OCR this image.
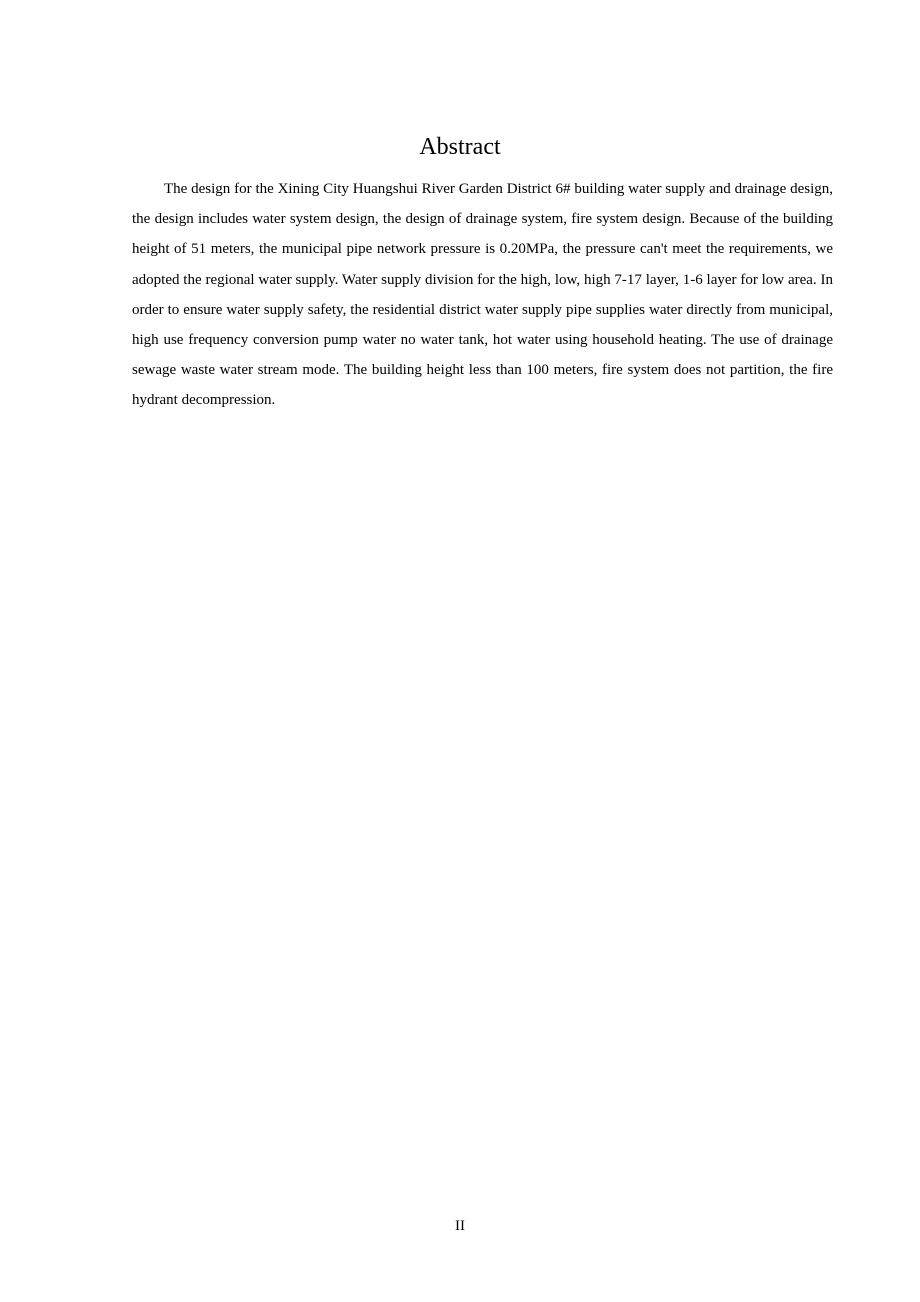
Abstract

The design for the Xining City Huangshui River Garden District 6# building water supply and drainage design, the design includes water system design, the design of drainage system, fire system design. Because of the building height of 51 meters, the municipal pipe network pressure is 0.20MPa, the pressure can't meet the requirements, we adopted the regional water supply. Water supply division for the high, low, high 7-17 layer, 1-6 layer for low area. In order to ensure water supply safety, the residential district water supply pipe supplies water directly from municipal, high use frequency conversion pump water no water tank, hot water using household heating. The use of drainage sewage waste water stream mode. The building height less than 100 meters, fire system does not partition, the fire hydrant decompression.

II
